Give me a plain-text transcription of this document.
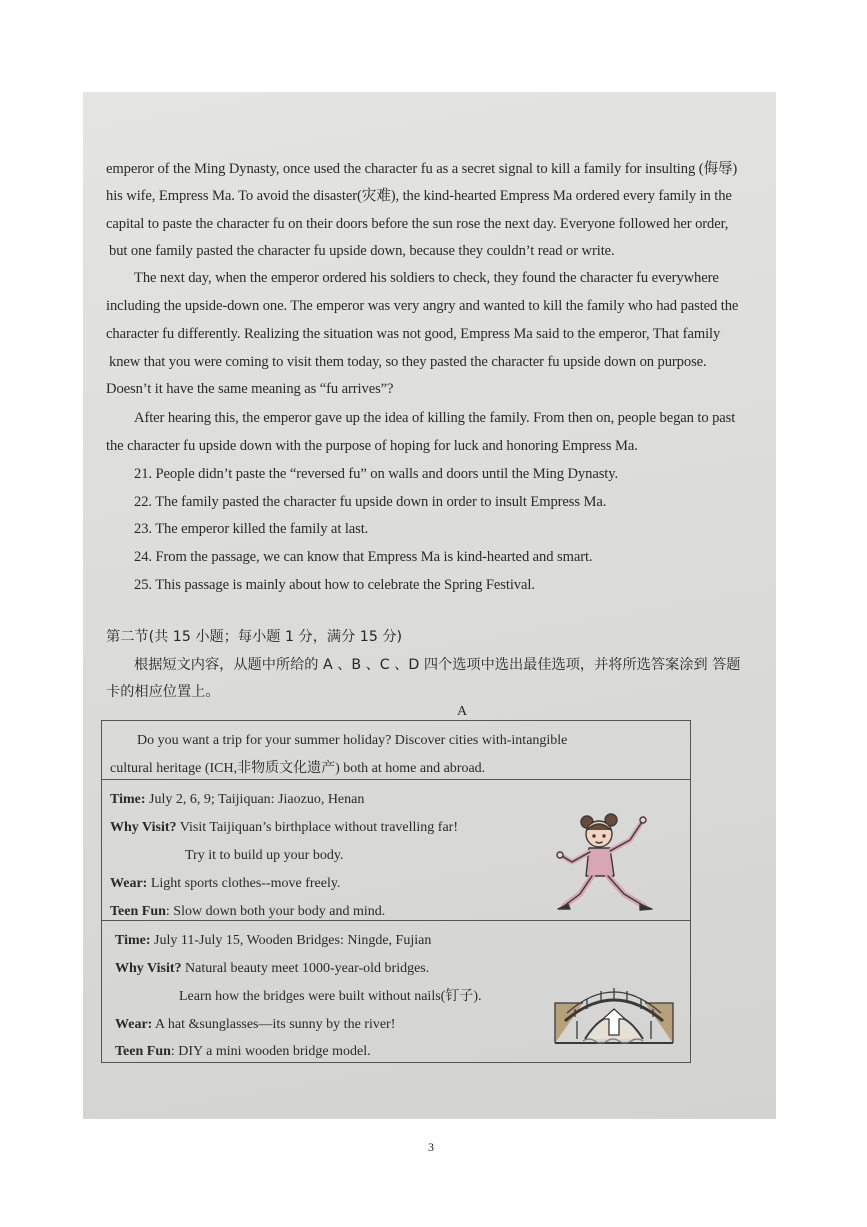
emperor of the Ming Dynasty, once used the character fu as a secret signal to kill a family for insulting (侮辱)
his wife, Empress Ma. To avoid the disaster(灾难), the kind-hearted Empress Ma ordered every family in the
capital to paste the character fu on their doors before the sun rose the next day. Everyone followed her order,
but one family pasted the character fu upside down, because they couldn’t read or write.
The next day, when the emperor ordered his soldiers to check, they found the character fu everywhere
including the upside-down one. The emperor was very angry and wanted to kill the family who had pasted the
character fu differently. Realizing the situation was not good, Empress Ma said to the emperor, That family
knew that you were coming to visit them today, so they pasted the character fu upside down on purpose.
Doesn’t it have the same meaning as “fu arrives”?
After hearing this, the emperor gave up the idea of killing the family. From then on, people began to past
the character fu upside down with the purpose of hoping for luck and honoring Empress Ma.
21. People didn’t paste the “reversed fu” on walls and doors until the Ming Dynasty.
22. The family pasted the character fu upside down in order to insult Empress Ma.
23. The emperor killed the family at last.
24. From the passage, we can know that Empress Ma is kind-hearted and smart.
25. This passage is mainly about how to celebrate the Spring Festival.
第二节(共 15 小题；每小题 1 分，满分 15 分)
根据短文内容，从题中所给的 A 、B 、C 、D 四个选项中选出最佳选项，并将所选答案涂到 答题
卡的相应位置上。
A
Do you want a trip for your summer holiday? Discover cities with-intangible
cultural heritage (ICH,非物质文化遗产) both at home and abroad.
Time: July 2, 6, 9; Taijiquan: Jiaozuo, Henan
Why Visit? Visit Taijiquan’s birthplace without travelling far!
Try it to build up your body.
Wear: Light sports clothes--move freely.
Teen Fun: Slow down both your body and mind.
Time: July 11-July 15, Wooden Bridges: Ningde, Fujian
Why Visit? Natural beauty meet 1000-year-old bridges.
Learn how the bridges were built without nails(钉子).
Wear: A hat &sunglasses—its sunny by the river!
Teen Fun: DIY a mini wooden bridge model.
3
